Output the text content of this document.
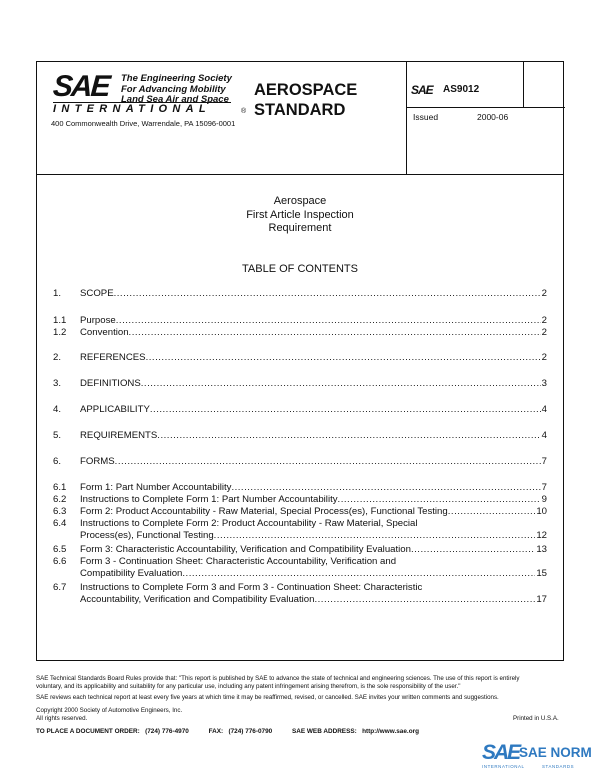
SAE The Engineering Society
For Advancing Mobility
Land Sea Air and Space
INTERNATIONAL	®
400 Commonwealth Drive, Warrendale, PA 15096-0001
AEROSPACE
STANDARD
SAE AS9012
Issued	2000-06
Aerospace
First Article Inspection
Requirement
TABLE OF CONTENTS
1.	SCOPE .....	2
1.1	Purpose .....	2
1.2	Convention .....	2
2.	REFERENCES .....	2
3.	DEFINITIONS .....	3
4.	APPLICABILITY .....	4
5.	REQUIREMENTS .....	4
6.	FORMS .....	7
6.1	Form 1: Part Number Accountability .....	7
6.2	Instructions to Complete Form 1: Part Number Accountability .....	9
6.3	Form 2: Product Accountability - Raw Material, Special Process(es), Functional Testing .....	10
6.4	Instructions to Complete Form 2: Product Accountability - Raw Material, Special
Process(es), Functional Testing .....	12
6.5	Form 3: Characteristic Accountability, Verification and Compatibility Evaluation .....	13
6.6	Form 3 - Continuation Sheet: Characteristic Accountability, Verification and
Compatibility Evaluation .....	15
6.7	Instructions to Complete Form 3 and Form 3 - Continuation Sheet: Characteristic
Accountability, Verification and Compatibility Evaluation .....	17
SAE Technical Standards Board Rules provide that: "This report is published by SAE to advance the state of technical and engineering sciences. The use of this report is entirely
voluntary, and its applicability and suitability for any particular use, including any patent infringement arising therefrom, is the sole responsibility of the user."
SAE reviews each technical report at least every five years at which time it may be reaffirmed, revised, or cancelled. SAE invites your written comments and suggestions.
Copyright 2000 Society of Automotive Engineers, Inc.
All rights reserved.	Printed in U.S.A.
TO PLACE A DOCUMENT ORDER: (724) 776-4970	FAX: (724) 776-0790	SAE WEB ADDRESS: http://www.sae.org
SAE SAE NORM
INTERNATIONAL	STANDARDS
